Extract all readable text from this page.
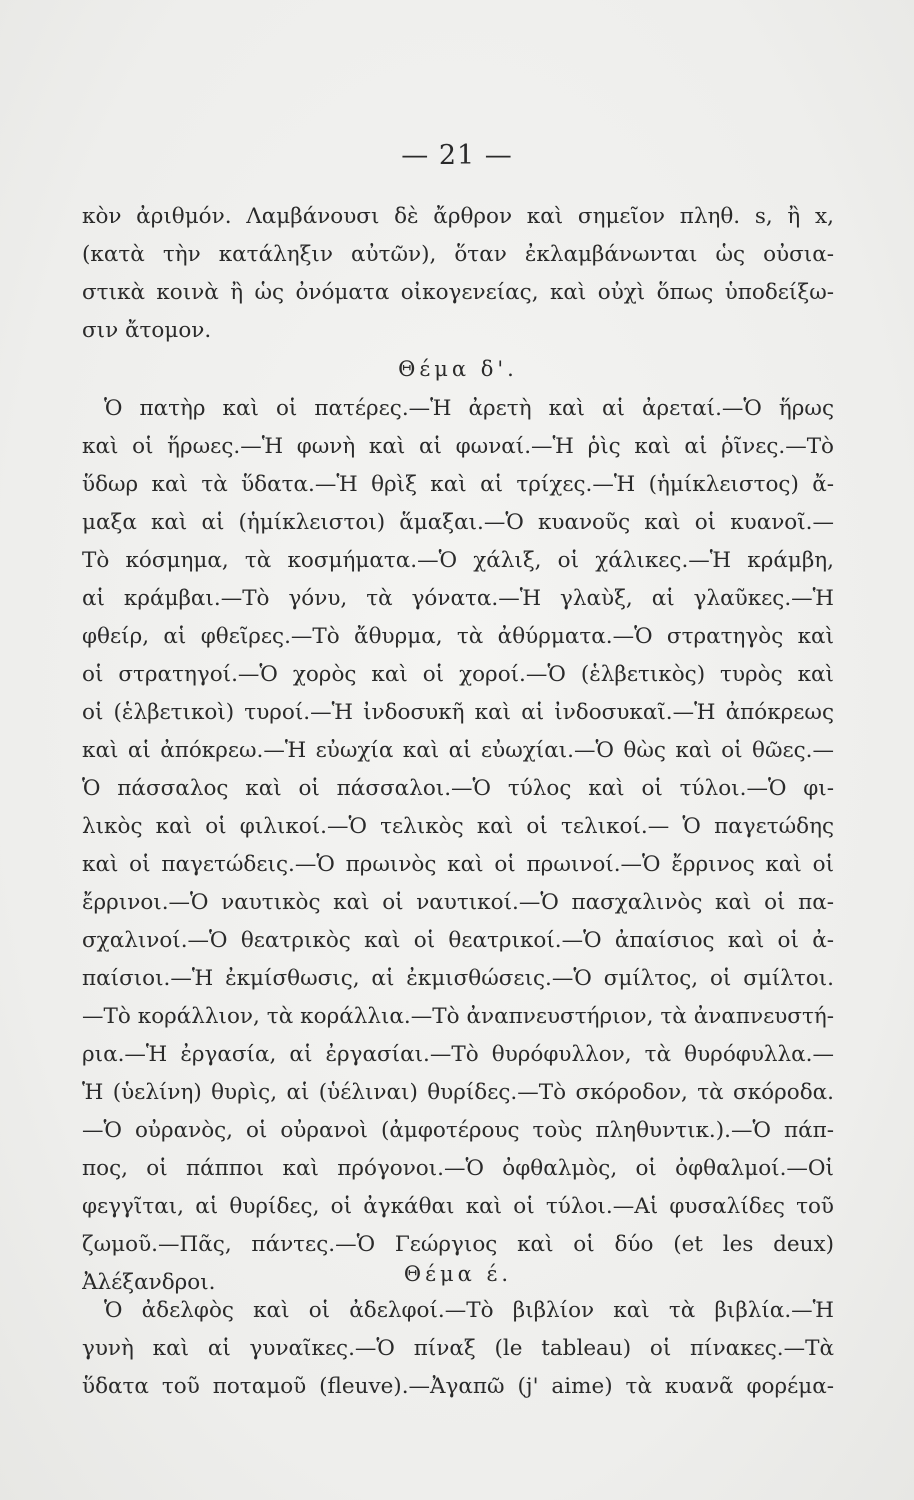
— 21 —
κὸν ἀριθμόν. Λαμβάνουσι δὲ ἄρθρον καὶ σημεῖον πληθ. s, ἢ x,
(κατὰ τὴν κατάληξιν αὐτῶν), ὅταν ἐκλαμβάνωνται ὡς οὐσια-
στικὰ κοινὰ ἢ ὡς ὀνόματα οἰκογενείας, καὶ οὐχὶ ὅπως ὑποδείξω-
σιν ἄτομον.
Θέμα δ'.
Ὁ πατὴρ καὶ οἱ πατέρες.—Ἡ ἀρετὴ καὶ αἱ ἀρεταί.—Ὁ ἥρως
καὶ οἱ ἥρωες.—Ἡ φωνὴ καὶ αἱ φωναί.—Ἡ ῥὶς καὶ αἱ ῥῖνες.—Τὸ
ὕδωρ καὶ τὰ ὕδατα.—Ἡ θρὶξ καὶ αἱ τρίχες.—Ἡ (ἡμίκλειστος) ἄ-
μαξα καὶ αἱ (ἡμίκλειστοι) ἅμαξαι.—Ὁ κυανοῦς καὶ οἱ κυανοῖ.—
Τὸ κόσμημα, τὰ κοσμήματα.—Ὁ χάλιξ, οἱ χάλικες.—Ἡ κράμβη,
αἱ κράμβαι.—Τὸ γόνυ, τὰ γόνατα.—Ἡ γλαὺξ, αἱ γλαῦκες.—Ἡ
φθείρ, αἱ φθεῖρες.—Τὸ ἄθυρμα, τὰ ἀθύρματα.—Ὁ στρατηγὸς καὶ
οἱ στρατηγοί.—Ὁ χορὸς καὶ οἱ χοροί.—Ὁ (ἑλβετικὸς) τυρὸς καὶ
οἱ (ἑλβετικοὶ) τυροί.—Ἡ ἰνδοσυκῆ καὶ αἱ ἰνδοσυκαῖ.—Ἡ ἀπόκρεως
καὶ αἱ ἀπόκρεω.—Ἡ εὐωχία καὶ αἱ εὐωχίαι.—Ὁ θὼς καὶ οἱ θῶες.—
Ὁ πάσσαλος καὶ οἱ πάσσαλοι.—Ὁ τύλος καὶ οἱ τύλοι.—Ὁ φι-
λικὸς καὶ οἱ φιλικοί.—Ὁ τελικὸς καὶ οἱ τελικοί.— Ὁ παγετώδης
καὶ οἱ παγετώδεις.—Ὁ πρωινὸς καὶ οἱ πρωινοί.—Ὁ ἔρρινος καὶ οἱ
ἔρρινοι.—Ὁ ναυτικὸς καὶ οἱ ναυτικοί.—Ὁ πασχαλινὸς καὶ οἱ πα-
σχαλινοί.—Ὁ θεατρικὸς καὶ οἱ θεατρικοί.—Ὁ ἀπαίσιος καὶ οἱ ἀ-
παίσιοι.—Ἡ ἐκμίσθωσις, αἱ ἐκμισθώσεις.—Ὁ σμίλτος, οἱ σμίλτοι.
—Τὸ κοράλλιον, τὰ κοράλλια.—Τὸ ἀναπνευστήριον, τὰ ἀναπνευστή-
ρια.—Ἡ ἐργασία, αἱ ἐργασίαι.—Τὸ θυρόφυλλον, τὰ θυρόφυλλα.—
Ἡ (ὑελίνη) θυρὶς, αἱ (ὑέλιναι) θυρίδες.—Τὸ σκόροδον, τὰ σκόροδα.
—Ὁ οὐρανὸς, οἱ οὐρανοὶ (ἀμφοτέρους τοὺς πληθυντικ.).—Ὁ πάπ-
πος, οἱ πάπποι καὶ πρόγονοι.—Ὁ ὀφθαλμὸς, οἱ ὀφθαλμοί.—Οἱ
φεγγῖται, αἱ θυρίδες, οἱ ἀγκάθαι καὶ οἱ τύλοι.—Αἱ φυσαλίδες τοῦ
ζωμοῦ.—Πᾶς, πάντες.—Ὁ Γεώργιος καὶ οἱ δύο (et les deux)
Ἀλέξανδροι.	Θέμα έ.
Ὁ ἀδελφὸς καὶ οἱ ἀδελφοί.—Τὸ βιβλίον καὶ τὰ βιβλία.—Ἡ
γυνὴ καὶ αἱ γυναῖκες.—Ὁ πίναξ (le tableau) οἱ πίνακες.—Τὰ
ὕδατα τοῦ ποταμοῦ (fleuve).—Ἀγαπῶ (j' aime) τὰ κυανᾶ φορέμα-
